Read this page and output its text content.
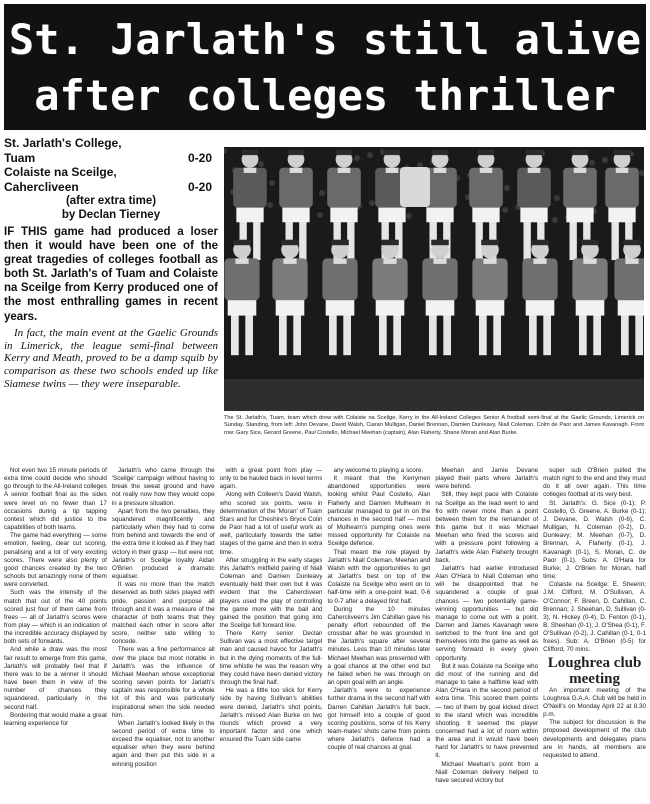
St. Jarlath's still alive
after colleges thriller
St. Jarlath's College,
Tuam	0-20
Colaiste na Sceilge,
Cahercliveen	0-20
(after extra time)
by Declan Tierney
IF THIS game had produced a loser then it would have been one of the great tragedies of colleges football as both St. Jarlath's of Tuam and Colaiste na Sceilge from Kerry produced one of the most enthralling games in recent years.
In fact, the main event at the Gaelic Grounds in Limerick, the league semi-final between Kerry and Meath, proved to be a damp squib by comparison as these two schools ended up like Siamese twins — they were inseparable.
The St. Jarlath's, Tuam, team which drew with Colaiste na Sceilge, Kerry in the All-Ireland Colleges Senior A football semi-final at the Gaelic Grounds, Limerick on Sunday. Standing, from left: John Devane, David Walsh, Ciaran Mulligan, Daniel Brennan, Damien Dunleavy, Niall Coleman, Colm de Paor and James Kavanagh. Front row: Gary Sice, Gerard Greene, Paul Costello, Michael Meehan (captain), Alan Flaherty, Shane Moran and Alan Burke.

Not even two 15 minute periods of extra time could decide who should go through to the All-Ireland colleges A senior football final as the sides were level on no fewer than 17 occasions during a tip tapping contest which did justice to the capabilities of both teams.

The game had everything — some emotion, feeling, clear cut scoring, penalising and a lot of very exciting scores. There were also plenty of good chances created by the two schools but amazingly none of them were converted.

Such was the intensity of the match that out of the 40 points scored just four of them came from frees — all of Jarlath's scores were from play — which is an indication of the incredible accuracy displayed by both sets of forwards.

And while a draw was the most fair result to emerge from this game, Jarlath's will probably feel that if there was to be a winner it should have been them in view of the number of chances they squandered, particularly in the second half.

Bordering that would make a great learning experience for

Jarlath's who came through the 'Sceilge' campaign without having to break the sweat ground and have not really now how they would cope in a pressure situation.

Apart from the two penalties, they squandered magnificently and particularly when they had to come from behind and towards the end of the extra time it looked as if they had victory in their grasp — but were not. Jarlath's or Sceilge loyalty Aidan O'Brien produced a dramatic equaliser.

It was no more than the match deserved as both sides played with pride, passion and purpose all through and it was a measure of the character of both teams that they matched each other in score after score, neither side willing to concede.

There was a fine performance all over the place but most notable in Jarlath's was the influence of Michael Meehan whose exceptional scoring seven points for Jarlath's captain was responsible for a whole lot of this and was particularly inspirational when the side needed him.

When Jarlath's looked likely in the second period of extra time to exceed the equaliser, not to another equaliser when they were behind again and then put this side in a winning position

with a great point from play — only to be hauled back in level terms again.

Along with Colleen's David Walsh, who scored six points, were in determination of the 'Moran' of Tuam Stars and for Cheshire's Bryce Colin de Paor had a lot of useful work as well, particularly towards the latter stages of the game and then in extra time.

After struggling in the early stages this Jarlath's midfield pairing of Niall Coleman and Damien Dunleavy eventually held their own but it was evident that the Cahercliveen players used the play of controlling the game more with the ball and gained the position that going into the Sceilge full forward line.

There Kerry senior Declan Sullivan was a most effective target man and caused havoc for Jarlath's but in the dying moments of the full-time whistle he was the reason why they could have been denied victory through the final half.

He was a little too slick for Kerry side by having Sullivan's abilities were denied, Jarlath's shot points, Jarlath's missed Alan Burke on two rounds which proved a very important factor and one which ensured the Tuam side came

any welcome to playing a score.

It meant that the Kerrymen abandoned opportunities were looking whilst Paul Costello, Alan Flaherty and Damien Mulhearn in particular managed to get in on the chances in the second half — most of Mulhearn's pumping ones were missed opportunity for Colaiste na Sceilge defence.

That meant the role played by Jarlath's Niall Coleman, Meehan and Walsh with the opportunities to get at Jarlath's best on top of the Colaiste na Sceilge who went on to half-time with a one-point lead, 0-6 to 0-7 after a delayed first half.

During the 10 minutes Cahercliveen's Jim Cahillan gave his penalty effort rebounded off the crossbar after he was grounded in the Jarlath's square after several minutes. Less than 10 minutes later Michael Meehan was presented with a goal chance at the other end but he failed when he was through on an open goal with an angle.

Jarlath's were to experience further drama in the second half with Darren Cahillan Jarlath's full back, got himself into a couple of good scoring positions, some of his Kerry team-mates' shots came from points where Jarlath's defence had a couple of real chances at goal.

Meehan and Jamie Devane played their parts where Jarlath's were behind.

Still, they kept pace with Colaiste na Sceilge as the lead went to and fro with never more than a point between them for the remainder of this game but it was Michael Meehan who fired the scores and with a pressure point following a Jarlath's wide Alan Flaherty brought back.

Jarlath's had earlier introduced Alan O'Hara to Niall Coleman who will be disappointed that he squandered a couple of goal chances — two potentially game-winning opportunities — but did manage to come out with a point. Darren and James Kavanagh were switched to the front line and got themselves into the game as well as serving forward in every given opportunity.

But it was Colaiste na Sceilge who did most of the running and did manage to take a halftime lead with Alan O'Hara in the second period of extra time. This scored them points — two of them by goal kicked direct to the stand which was incredible shooting. It seemed the player concerned had a lot of room within the area and it would have been hard for Jarlath's to have prevented it.

Michael Meehan's point from a Niall Coleman delivery helped to have secured victory but

super sub O'Brien pulled the match right to the end and they must do it all over again. This time colleges football at its very best.

St. Jarlath's: G. Sice (0-1); P. Costello, G. Greene, A. Burke (0-1); J. Devane, D. Walsh (0-6), C. Mulligan, N. Coleman (0-2), D. Dunleavy; M. Meehan (0-7), D. Brennan, A. Flaherty (0-1), J. Kavanagh (0-1), S. Moran, C. de Paor (0-1). Subs: A. O'Hara for Burke; J. O'Brien for Moran, half time.

Colaiste na Sceilge: E. Sheerin; J.M. Clifford, M. O'Sullivan, A. O'Connor; F. Breen, D. Cahillan, C. Brennan; J. Sheehan, D. Sullivan (0-3); N. Hickey (0-4), D. Fenton (0-1), B. Sheehan (0-1); J. O'Shea (0-1), F. O'Sullivan (0-2), J. Cahillan (0-1, 0-1 frees). Sub: A. O'Brien (0-5) for Clifford, 70 mins.

Loughrea club meeting

An important meeting of the Loughrea G.A.A. Club will be held in O'Neill's on Monday April 22 at 8.30 p.m.

The subject for discussion is the proposed development of the club developments and delegates plans are in hands, all members are requested to attend.
